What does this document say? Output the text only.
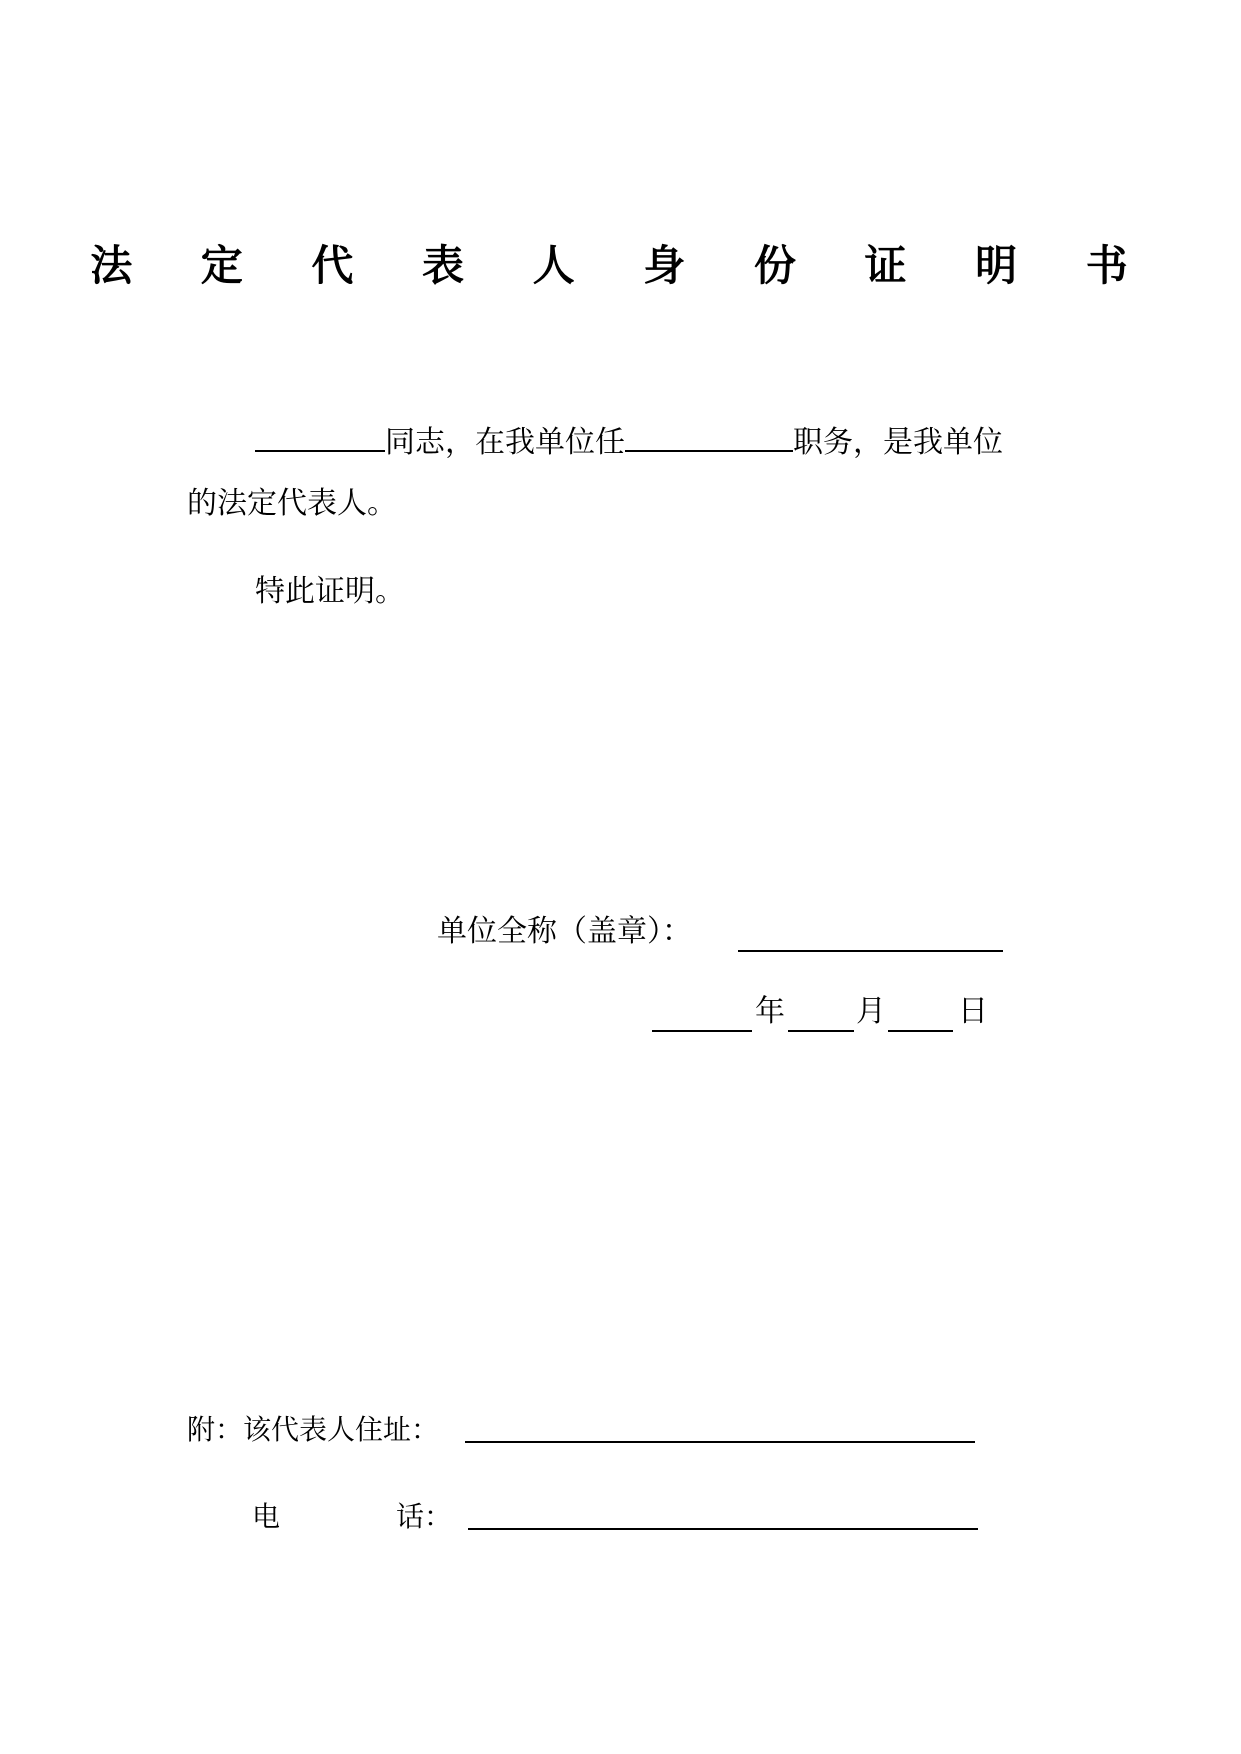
法 定 代 表 人 身 份 证 明 书
同志，在我单位任	职务，是我单位
的法定代表人。
特此证明。
单位全称（盖章）：
年 月 日
附：该代表人住址：
电	话：
